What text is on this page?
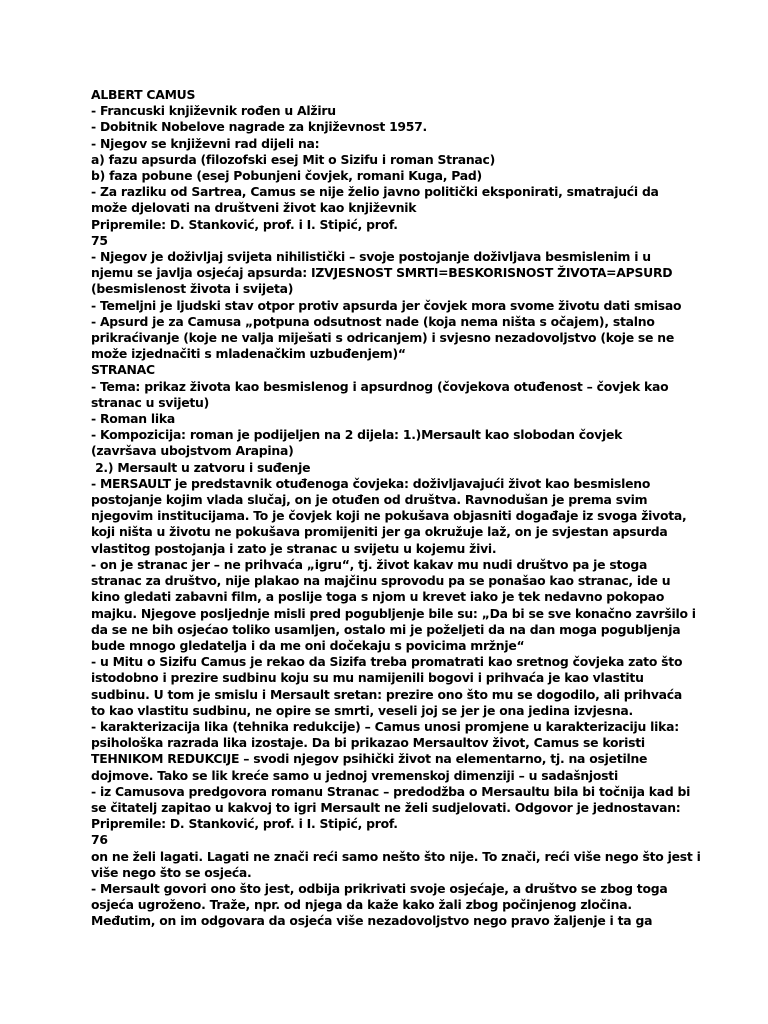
ALBERT CAMUS
- Francuski književnik rođen u Alžiru
- Dobitnik Nobelove nagrade za književnost 1957.
- Njegov se književni rad dijeli na:
a) fazu apsurda (filozofski esej Mit o Sizifu i roman Stranac)
b) faza pobune (esej Pobunjeni čovjek, romani Kuga, Pad)
- Za razliku od Sartrea, Camus se nije želio javno politički eksponirati, smatrajući da
može djelovati na društveni život kao književnik
Pripremile: D. Stanković, prof. i I. Stipić, prof.
75
- Njegov je doživljaj svijeta nihilistički – svoje postojanje doživljava besmislenim i u
njemu se javlja osjećaj apsurda: IZVJESNOST SMRTI=BESKORISNOST ŽIVOTA=APSURD
(besmislenost života i svijeta)
- Temeljni je ljudski stav otpor protiv apsurda jer čovjek mora svome životu dati smisao
- Apsurd je za Camusa „potpuna odsutnost nade (koja nema ništa s očajem), stalno
prikraćivanje (koje ne valja miješati s odricanjem) i svjesno nezadovoljstvo (koje se ne
može izjednačiti s mladenačkim uzbuđenjem)“
STRANAC
- Tema: prikaz života kao besmislenog i apsurdnog (čovjekova otuđenost – čovjek kao
stranac u svijetu)
- Roman lika
- Kompozicija: roman je podijeljen na 2 dijela: 1.)Mersault kao slobodan čovjek
(završava ubojstvom Arapina)
2.) Mersault u zatvoru i suđenje
- MERSAULT je predstavnik otuđenoga čovjeka: doživljavajući život kao besmisleno
postojanje kojim vlada slučaj, on je otuđen od društva. Ravnodušan je prema svim
njegovim institucijama. To je čovjek koji ne pokušava objasniti događaje iz svoga života,
koji ništa u životu ne pokušava promijeniti jer ga okružuje laž, on je svjestan apsurda
vlastitog postojanja i zato je stranac u svijetu u kojemu živi.
- on je stranac jer – ne prihvaća „igru“, tj. život kakav mu nudi društvo pa je stoga
stranac za društvo, nije plakao na majčinu sprovodu pa se ponašao kao stranac, ide u
kino gledati zabavni film, a poslije toga s njom u krevet iako je tek nedavno pokopao
majku. Njegove posljednje misli pred pogubljenje bile su: „Da bi se sve konačno završilo i
da se ne bih osjećao toliko usamljen, ostalo mi je poželjeti da na dan moga pogubljenja
bude mnogo gledatelja i da me oni dočekaju s povicima mržnje“
- u Mitu o Sizifu Camus je rekao da Sizifa treba promatrati kao sretnog čovjeka zato što
istodobno i prezire sudbinu koju su mu namijenili bogovi i prihvaća je kao vlastitu
sudbinu. U tom je smislu i Mersault sretan: prezire ono što mu se dogodilo, ali prihvaća
to kao vlastitu sudbinu, ne opire se smrti, veseli joj se jer je ona jedina izvjesna.
- karakterizacija lika (tehnika redukcije) – Camus unosi promjene u karakterizaciju lika:
psihološka razrada lika izostaje. Da bi prikazao Mersaultov život, Camus se koristi
TEHNIKOM REDUKCIJE – svodi njegov psihički život na elementarno, tj. na osjetilne
dojmove. Tako se lik kreće samo u jednoj vremenskoj dimenziji – u sadašnjosti
- iz Camusova predgovora romanu Stranac – predodžba o Mersaultu bila bi točnija kad bi
se čitatelj zapitao u kakvoj to igri Mersault ne želi sudjelovati. Odgovor je jednostavan:
Pripremile: D. Stanković, prof. i I. Stipić, prof.
76
on ne želi lagati. Lagati ne znači reći samo nešto što nije. To znači, reći više nego što jest i
više nego što se osjeća.
- Mersault govori ono što jest, odbija prikrivati svoje osjećaje, a društvo se zbog toga
osjeća ugroženo. Traže, npr. od njega da kaže kako žali zbog počinjenog zločina.
Međutim, on im odgovara da osjeća više nezadovoljstvo nego pravo žaljenje i ta ga
